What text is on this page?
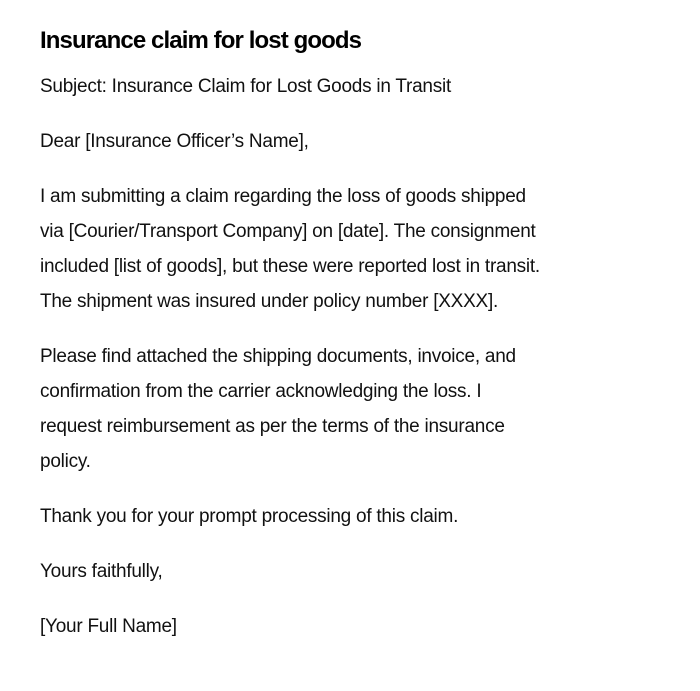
Insurance claim for lost goods

Subject: Insurance Claim for Lost Goods in Transit

Dear [Insurance Officer’s Name],

I am submitting a claim regarding the loss of goods shipped
via [Courier/Transport Company] on [date]. The consignment
included [list of goods], but these were reported lost in transit.
The shipment was insured under policy number [XXXX].

Please find attached the shipping documents, invoice, and
confirmation from the carrier acknowledging the loss. I
request reimbursement as per the terms of the insurance
policy.

Thank you for your prompt processing of this claim.

Yours faithfully,

[Your Full Name]
